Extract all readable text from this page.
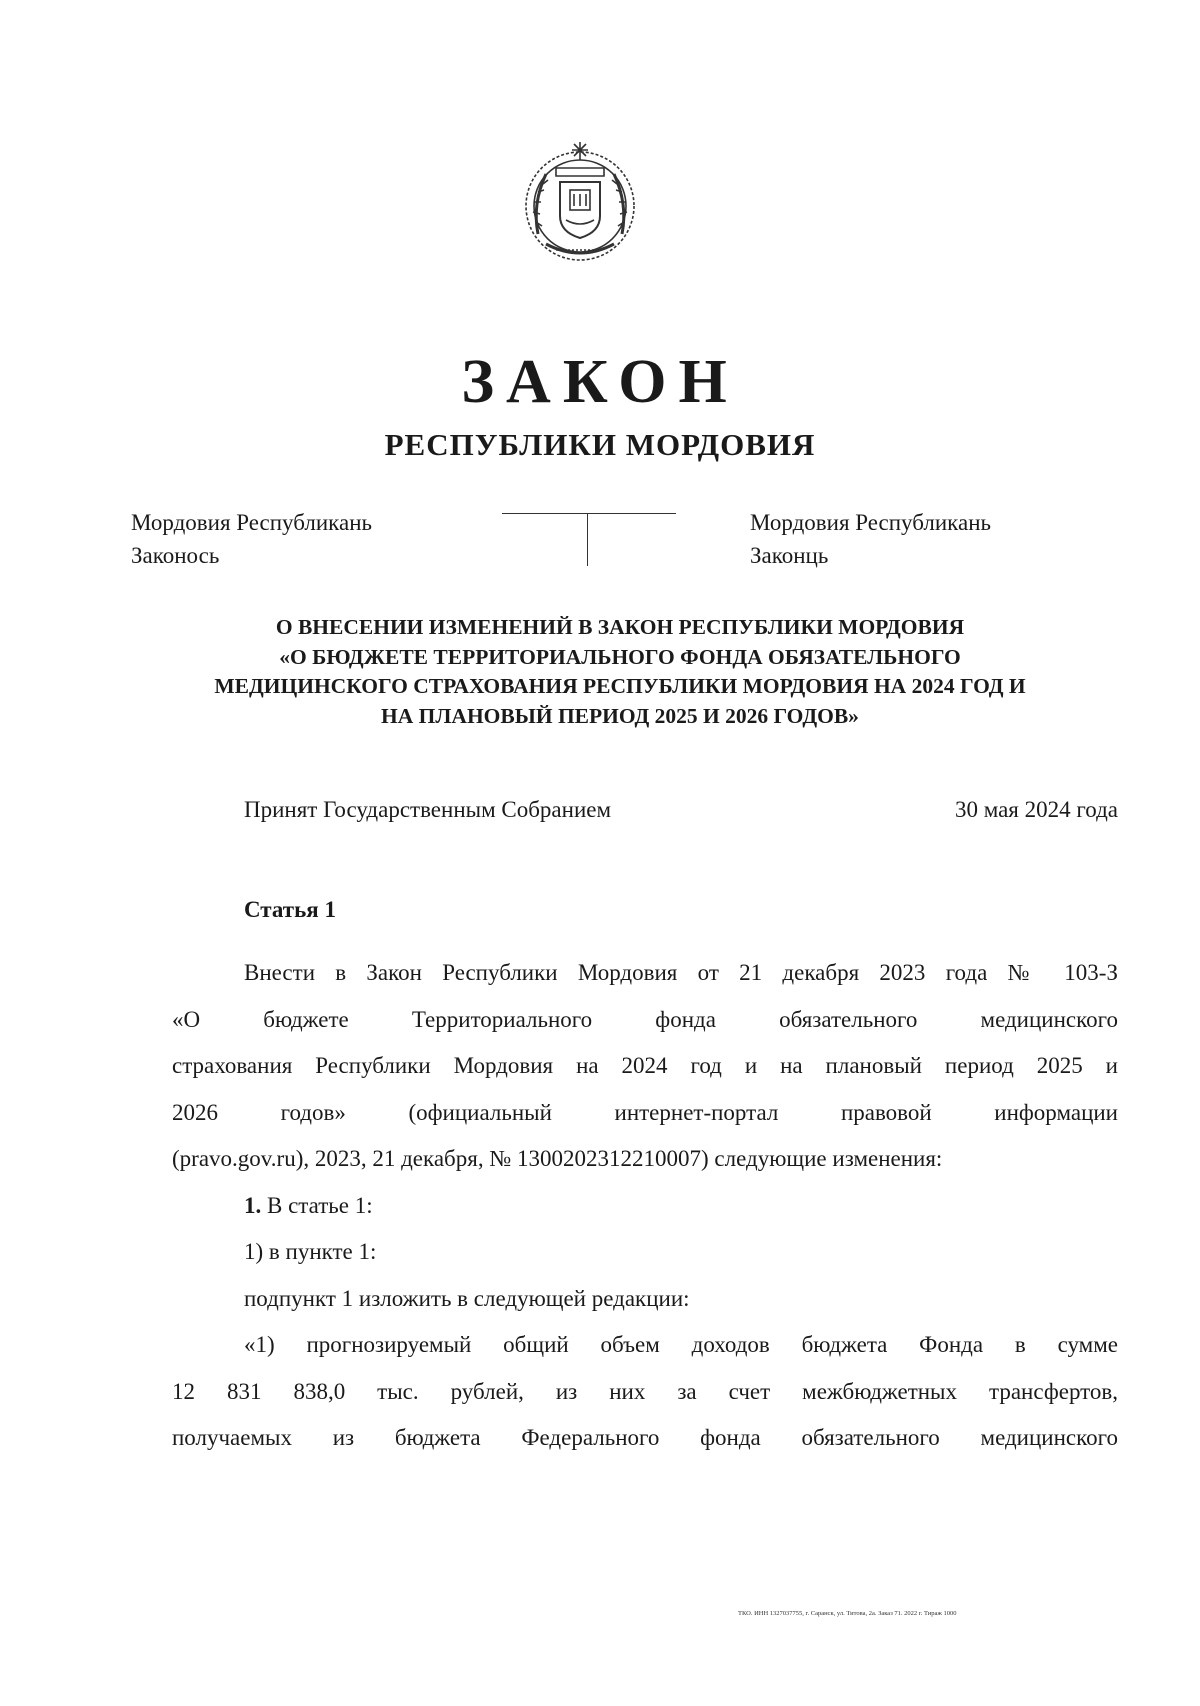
ЗАКОН
РЕСПУБЛИКИ МОРДОВИЯ
Мордовия Республикань
Законось
Мордовия Республикань
Законць
О ВНЕСЕНИИ ИЗМЕНЕНИЙ В ЗАКОН РЕСПУБЛИКИ МОРДОВИЯ
«О БЮДЖЕТЕ ТЕРРИТОРИАЛЬНОГО ФОНДА ОБЯЗАТЕЛЬНОГО
МЕДИЦИНСКОГО СТРАХОВАНИЯ РЕСПУБЛИКИ МОРДОВИЯ НА 2024 ГОД И
НА ПЛАНОВЫЙ ПЕРИОД 2025 И 2026 ГОДОВ»
Принят Государственным Собранием	30 мая 2024 года
Статья 1
Внести в Закон Республики Мордовия от 21 декабря 2023 года № 103-З
«О бюджете Территориального фонда обязательного медицинского
страхования Республики Мордовия на 2024 год и на плановый период 2025 и
2026 годов» (официальный интернет-портал правовой информации
(pravo.gov.ru), 2023, 21 декабря, № 1300202312210007) следующие изменения:
1. В статье 1:
1) в пункте 1:
подпункт 1 изложить в следующей редакции:
«1) прогнозируемый общий объем доходов бюджета Фонда в сумме
12 831 838,0 тыс. рублей, из них за счет межбюджетных трансфертов,
получаемых из бюджета Федерального фонда обязательного медицинского
ТКО. ИНН 1327037755, г. Саранск, ул. Титова, 2а. Заказ 71. 2022 г. Тираж 1000
